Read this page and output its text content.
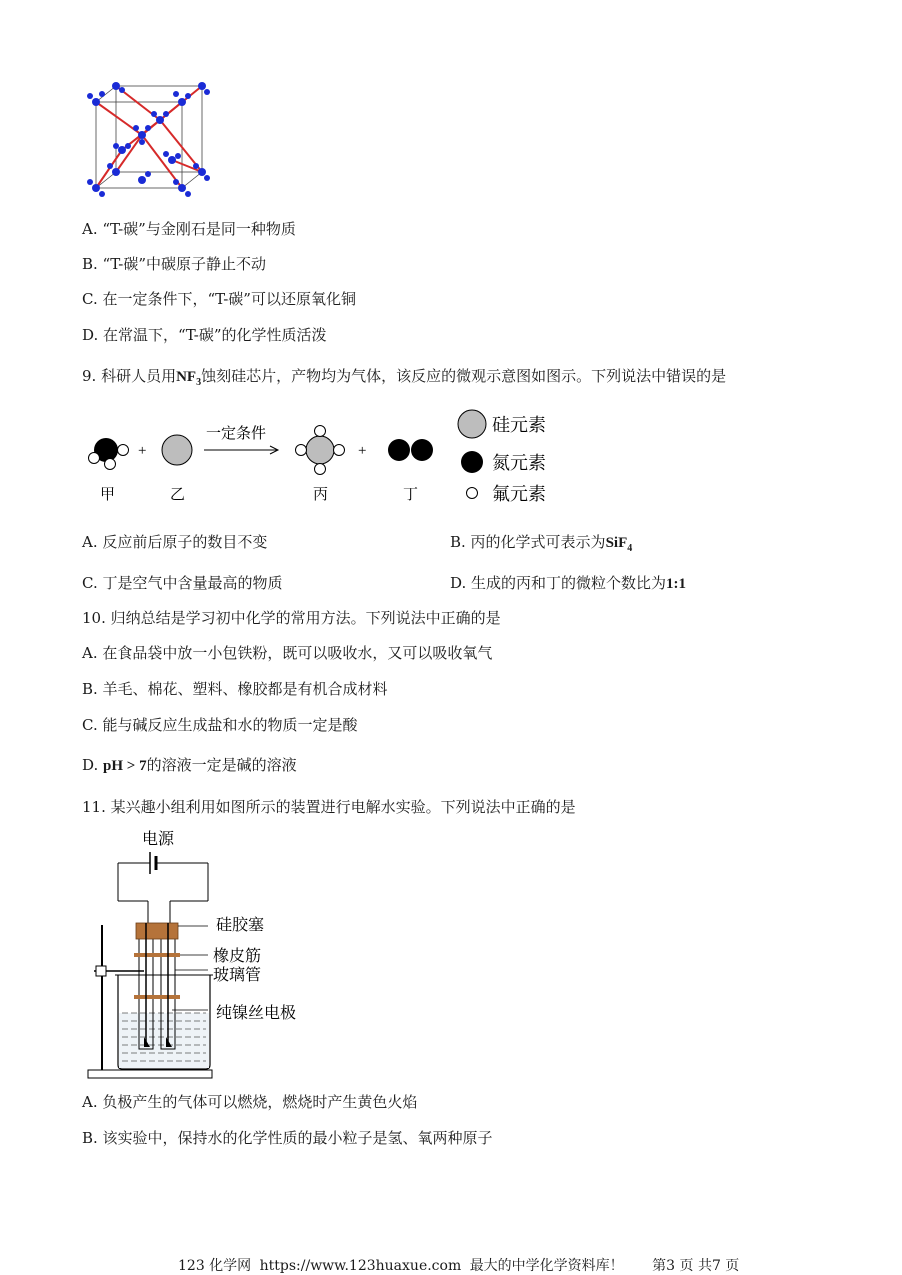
A. “T-碳”与金刚石是同一种物质
B. “T-碳”中碳原子静止不动
C. 在一定条件下，“T-碳”可以还原氧化铜
D. 在常温下，“T-碳”的化学性质活泼
9. 科研人员用$NF_3$蚀刻硅芯片，产物均为气体，该反应的微观示意图如图示。下列说法中错误的是
+
一定条件
+
甲	乙	丙	丁
硅元素
氮元素
氟元素
A. 反应前后原子的数目不变	B. 丙的化学式可表示为SiF$_4$
C. 丁是空气中含量最高的物质	D. 生成的丙和丁的微粒个数比为1:1
10. 归纳总结是学习初中化学的常用方法。下列说法中正确的是
A. 在食品袋中放一小包铁粉，既可以吸收水，又可以吸收氧气
B. 羊毛、棉花、塑料、橡胶都是有机合成材料
C. 能与碱反应生成盐和水的物质一定是酸
D. pH > 7的溶液一定是碱的溶液
11. 某兴趣小组利用如图所示的装置进行电解水实验。下列说法中正确的是
电源
硅胶塞
橡皮筋
玻璃管
纯镍丝电极
A. 负极产生的气体可以燃烧，燃烧时产生黄色火焰
B. 该实验中，保持水的化学性质的最小粒子是氢、氧两种原子
123 化学网 https://www.123huaxue.com 最大的中学化学资料库！ 第3 页 共7 页
